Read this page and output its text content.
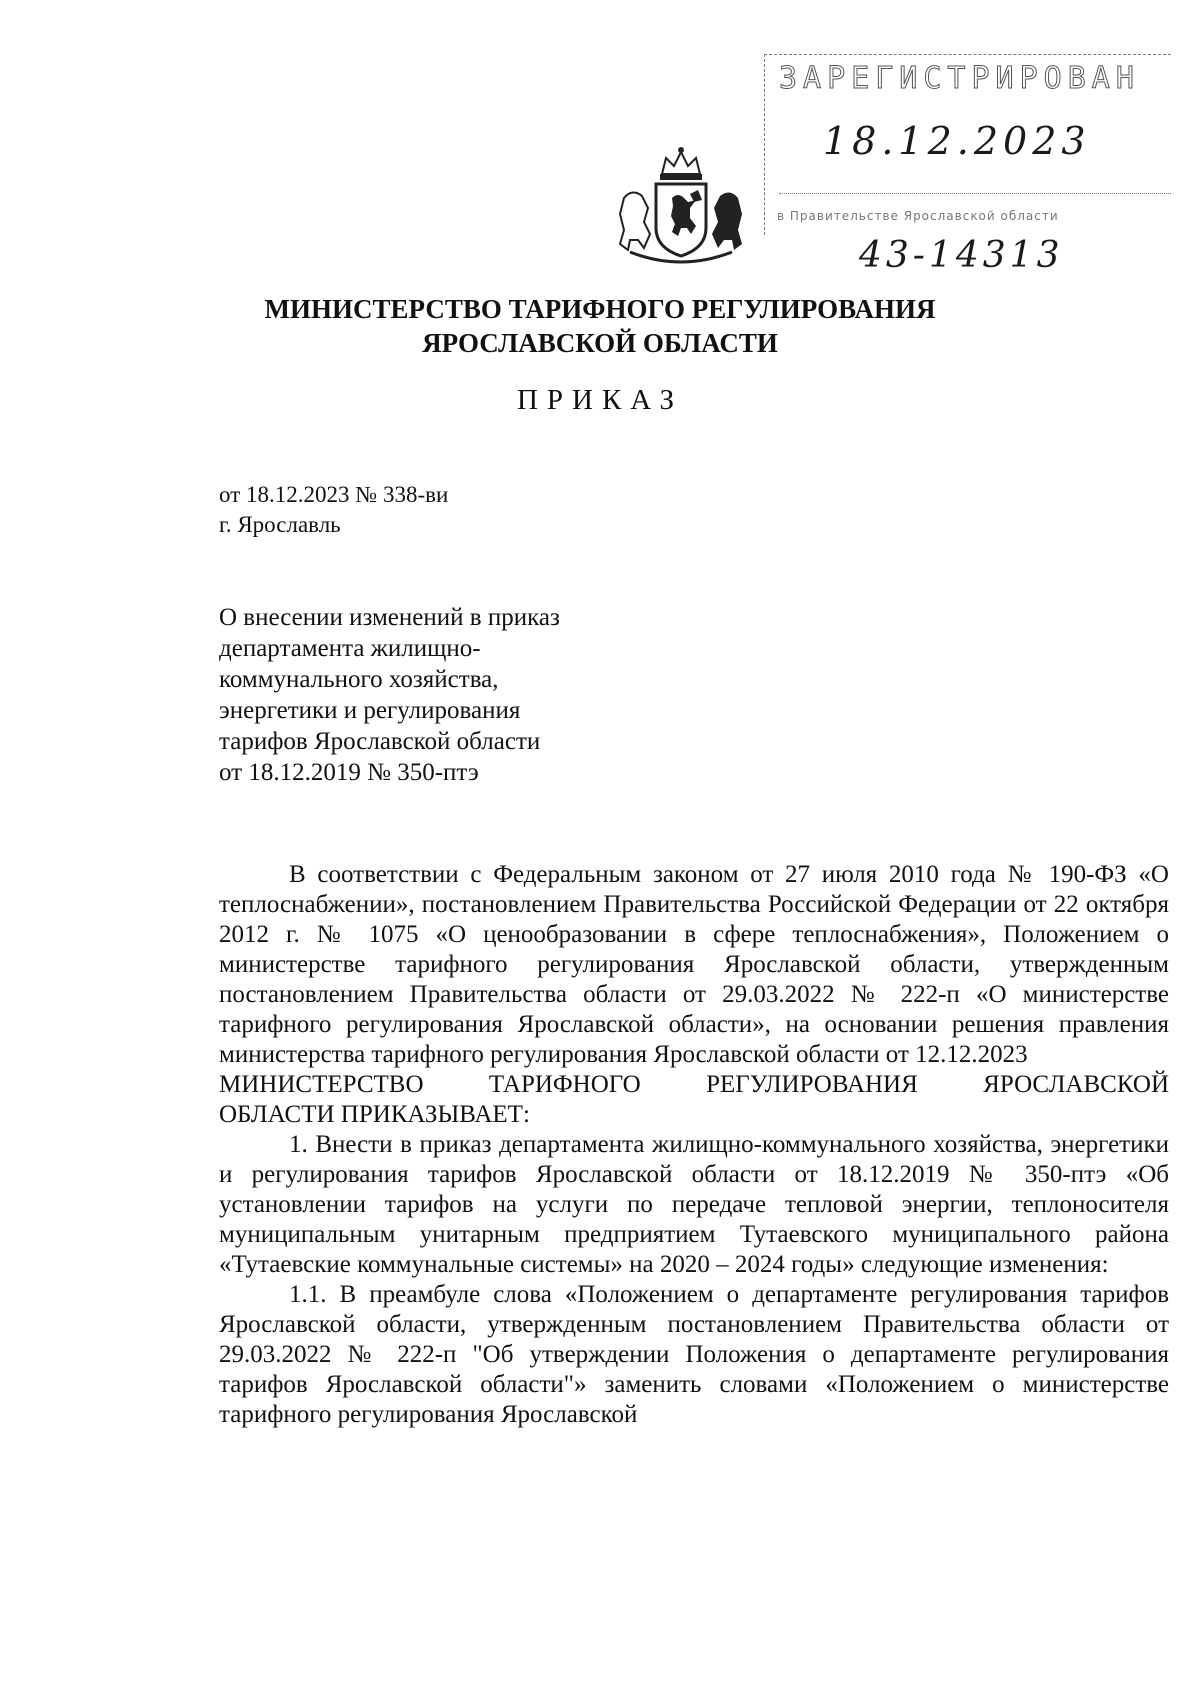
ЗАРЕГИСТРИРОВАН
18.12.2023
в Правительстве Ярославской области
43-14313
МИНИСТЕРСТВО ТАРИФНОГО РЕГУЛИРОВАНИЯ
ЯРОСЛАВСКОЙ ОБЛАСТИ
ПРИКАЗ
от 18.12.2023 № 338-ви
г. Ярославль
О внесении изменений в приказ
департамента жилищно-
коммунального хозяйства,
энергетики и регулирования
тарифов Ярославской области
от 18.12.2019 № 350-птэ

В соответствии с Федеральным законом от 27 июля 2010 года № 190-ФЗ «О теплоснабжении», постановлением Правительства Российской Федерации от 22 октября 2012 г. № 1075 «О ценообразовании в сфере теплоснабжения», Положением о министерстве тарифного регулирования Ярославской области, утвержденным постановлением Правительства области от 29.03.2022 № 222-п «О министерстве тарифного регулирования Ярославской области», на основании решения правления министерства тарифного регулирования Ярославской области от 12.12.2023

МИНИСТЕРСТВО ТАРИФНОГО РЕГУЛИРОВАНИЯ ЯРОСЛАВСКОЙ

ОБЛАСТИ ПРИКАЗЫВАЕТ:

1. Внести в приказ департамента жилищно-коммунального хозяйства, энергетики и регулирования тарифов Ярославской области от 18.12.2019 № 350-птэ «Об установлении тарифов на услуги по передаче тепловой энергии, теплоносителя муниципальным унитарным предприятием Тутаевского муниципального района «Тутаевские коммунальные системы» на 2020 – 2024 годы» следующие изменения:

1.1. В преамбуле слова «Положением о департаменте регулирования тарифов Ярославской области, утвержденным постановлением Правительства области от 29.03.2022 № 222-п "Об утверждении Положения о департаменте регулирования тарифов Ярославской области"» заменить словами «Положением о министерстве тарифного регулирования Ярославской
